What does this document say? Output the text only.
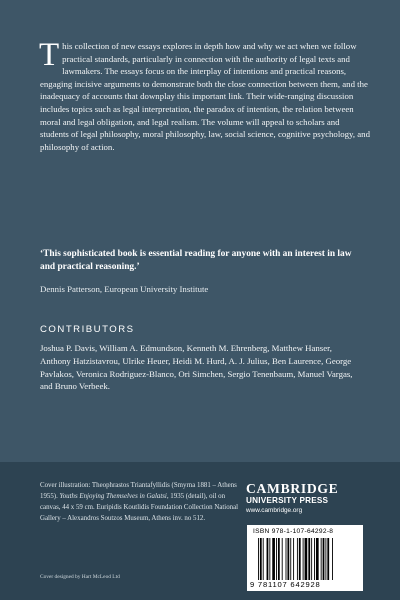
This collection of new essays explores in depth how and why we act when we follow practical standards, particularly in connection with the authority of legal texts and lawmakers. The essays focus on the interplay of intentions and practical reasons, engaging incisive arguments to demonstrate both the close connection between them, and the inadequacy of accounts that downplay this important link. Their wide-ranging discussion includes topics such as legal interpretation, the paradox of intention, the relation between moral and legal obligation, and legal realism. The volume will appeal to scholars and students of legal philosophy, moral philosophy, law, social science, cognitive psychology, and philosophy of action.
‘This sophisticated book is essential reading for anyone with an interest in law and practical reasoning.’
Dennis Patterson, European University Institute
CONTRIBUTORS
Joshua P. Davis, William A. Edmundson, Kenneth M. Ehrenberg, Matthew Hanser, Anthony Hatzistavrou, Ulrike Heuer, Heidi M. Hurd, A. J. Julius, Ben Laurence, George Pavlakos, Veronica Rodriguez-Blanco, Ori Simchen, Sergio Tenenbaum, Manuel Vargas, and Bruno Verbeek.
Cover illustration: Theophrastos Triantafyllidis (Smyrna 1881 – Athens 1955). Youths Enjoying Themselves in Galatsi, 1935 (detail), oil on canvas, 44 x 59 cm. Euripidis Koutlidis Foundation Collection National Gallery – Alexandros Soutzos Museum, Athens inv. no 512.
Cover designed by Hart McLeod Ltd
CAMBRIDGE
UNIVERSITY PRESS
www.cambridge.org
ISBN 978-1-107-64292-8
9 781107 642928
